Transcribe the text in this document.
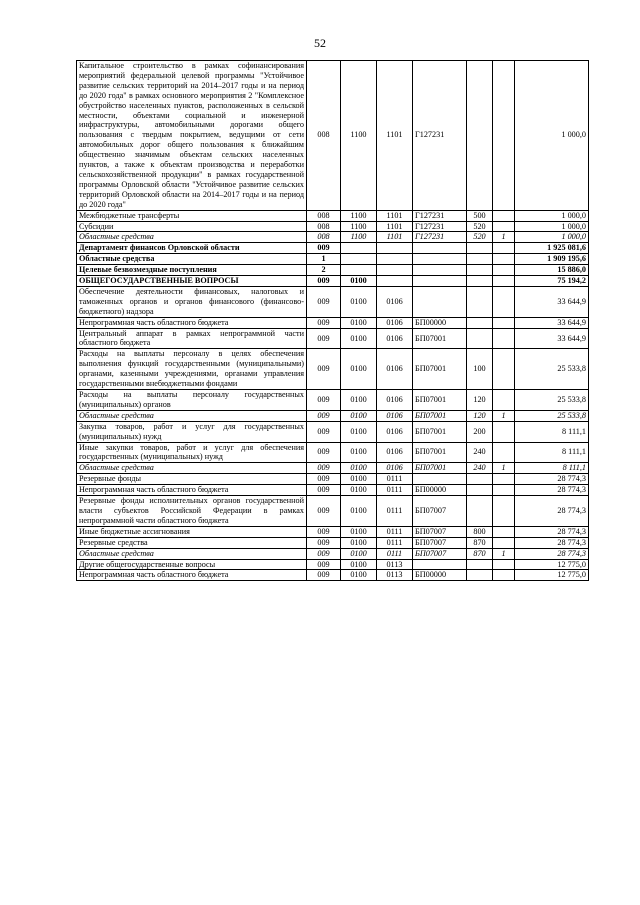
52
Капитальное строительство в рамках софинансирования мероприятий федеральной целевой программы "Устойчивое развитие сельских территорий на 2014–2017 годы и на период до 2020 года" в рамках основного мероприятия 2 "Комплексное обустройство населенных пунктов, расположенных в сельской местности, объектами социальной и инженерной инфраструктуры, автомобильными дорогами общего пользования с твердым покрытием, ведущими от сети автомобильных дорог общего пользования к ближайшим общественно значимым объектам сельских населенных пунктов, а также к объектам производства и переработки сельскохозяйственной продукции" в рамках государственной программы Орловской области "Устойчивое развитие сельских территорий Орловской области на 2014–2017 годы и на период до 2020 года"	008	1100	1101	Г127231			1 000,0
Межбюджетные трансферты	008	1100	1101	Г127231	500		1 000,0
Субсидии	008	1100	1101	Г127231	520		1 000,0
Областные средства	008	1100	1101	Г127231	520	1	1 000,0
Департамент финансов Орловской области	009						1 925 081,6
Областные средства	1						1 909 195,6
Целевые безвозмездные поступления	2						15 886,0
ОБЩЕГОСУДАРСТВЕННЫЕ ВОПРОСЫ	009	0100					75 194,2
Обеспечение деятельности финансовых, налоговых и таможенных органов и органов финансового (финансово-бюджетного) надзора	009	0100	0106				33 644,9
Непрограммная часть областного бюджета	009	0100	0106	БП00000			33 644,9
Центральный аппарат в рамках непрограммной части областного бюджета	009	0100	0106	БП07001			33 644,9
Расходы на выплаты персоналу в целях обеспечения выполнения функций государственными (муниципальными) органами, казенными учреждениями, органами управления государственными внебюджетными фондами	009	0100	0106	БП07001	100		25 533,8
Расходы на выплаты персоналу государственных (муниципальных) органов	009	0100	0106	БП07001	120		25 533,8
Областные средства	009	0100	0106	БП07001	120	1	25 533,8
Закупка товаров, работ и услуг для государственных (муниципальных) нужд	009	0100	0106	БП07001	200		8 111,1
Иные закупки товаров, работ и услуг для обеспечения государственных (муниципальных) нужд	009	0100	0106	БП07001	240		8 111,1
Областные средства	009	0100	0106	БП07001	240	1	8 111,1
Резервные фонды	009	0100	0111				28 774,3
Непрограммная часть областного бюджета	009	0100	0111	БП00000			28 774,3
Резервные фонды исполнительных органов государственной власти субъектов Российской Федерации в рамках непрограммной части областного бюджета	009	0100	0111	БП07007			28 774,3
Иные бюджетные ассигнования	009	0100	0111	БП07007	800		28 774,3
Резервные средства	009	0100	0111	БП07007	870		28 774,3
Областные средства	009	0100	0111	БП07007	870	1	28 774,3
Другие общегосударственные вопросы	009	0100	0113				12 775,0
Непрограммная часть областного бюджета	009	0100	0113	БП00000			12 775,0
